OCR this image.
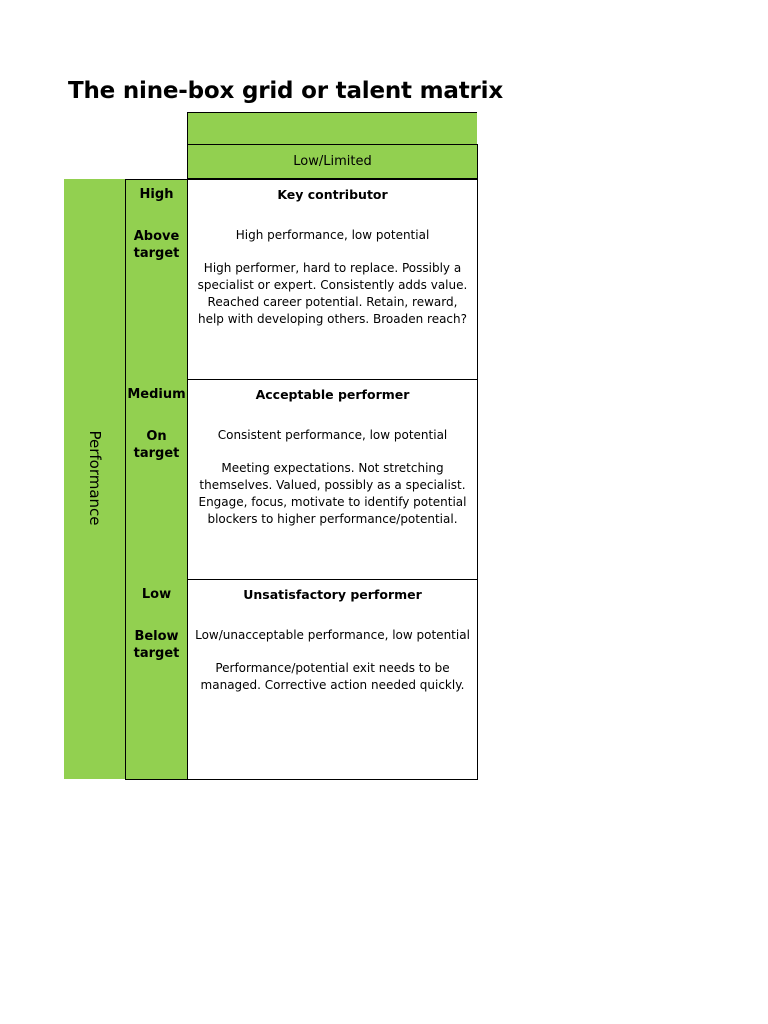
The nine-box grid or talent matrix
Low/Limited
Performance
High
Above target
Medium
On target
Low
Below target
Key contributor
High performance, low potential
High performer, hard to replace. Possibly a specialist or expert. Consistently adds value. Reached career potential. Retain, reward, help with developing others. Broaden reach?
Acceptable performer
Consistent performance, low potential
Meeting expectations. Not stretching themselves. Valued, possibly as a specialist. Engage, focus, motivate to identify potential blockers to higher performance/potential.
Unsatisfactory performer
Low/unacceptable performance, low potential
Performance/potential exit needs to be managed. Corrective action needed quickly.
